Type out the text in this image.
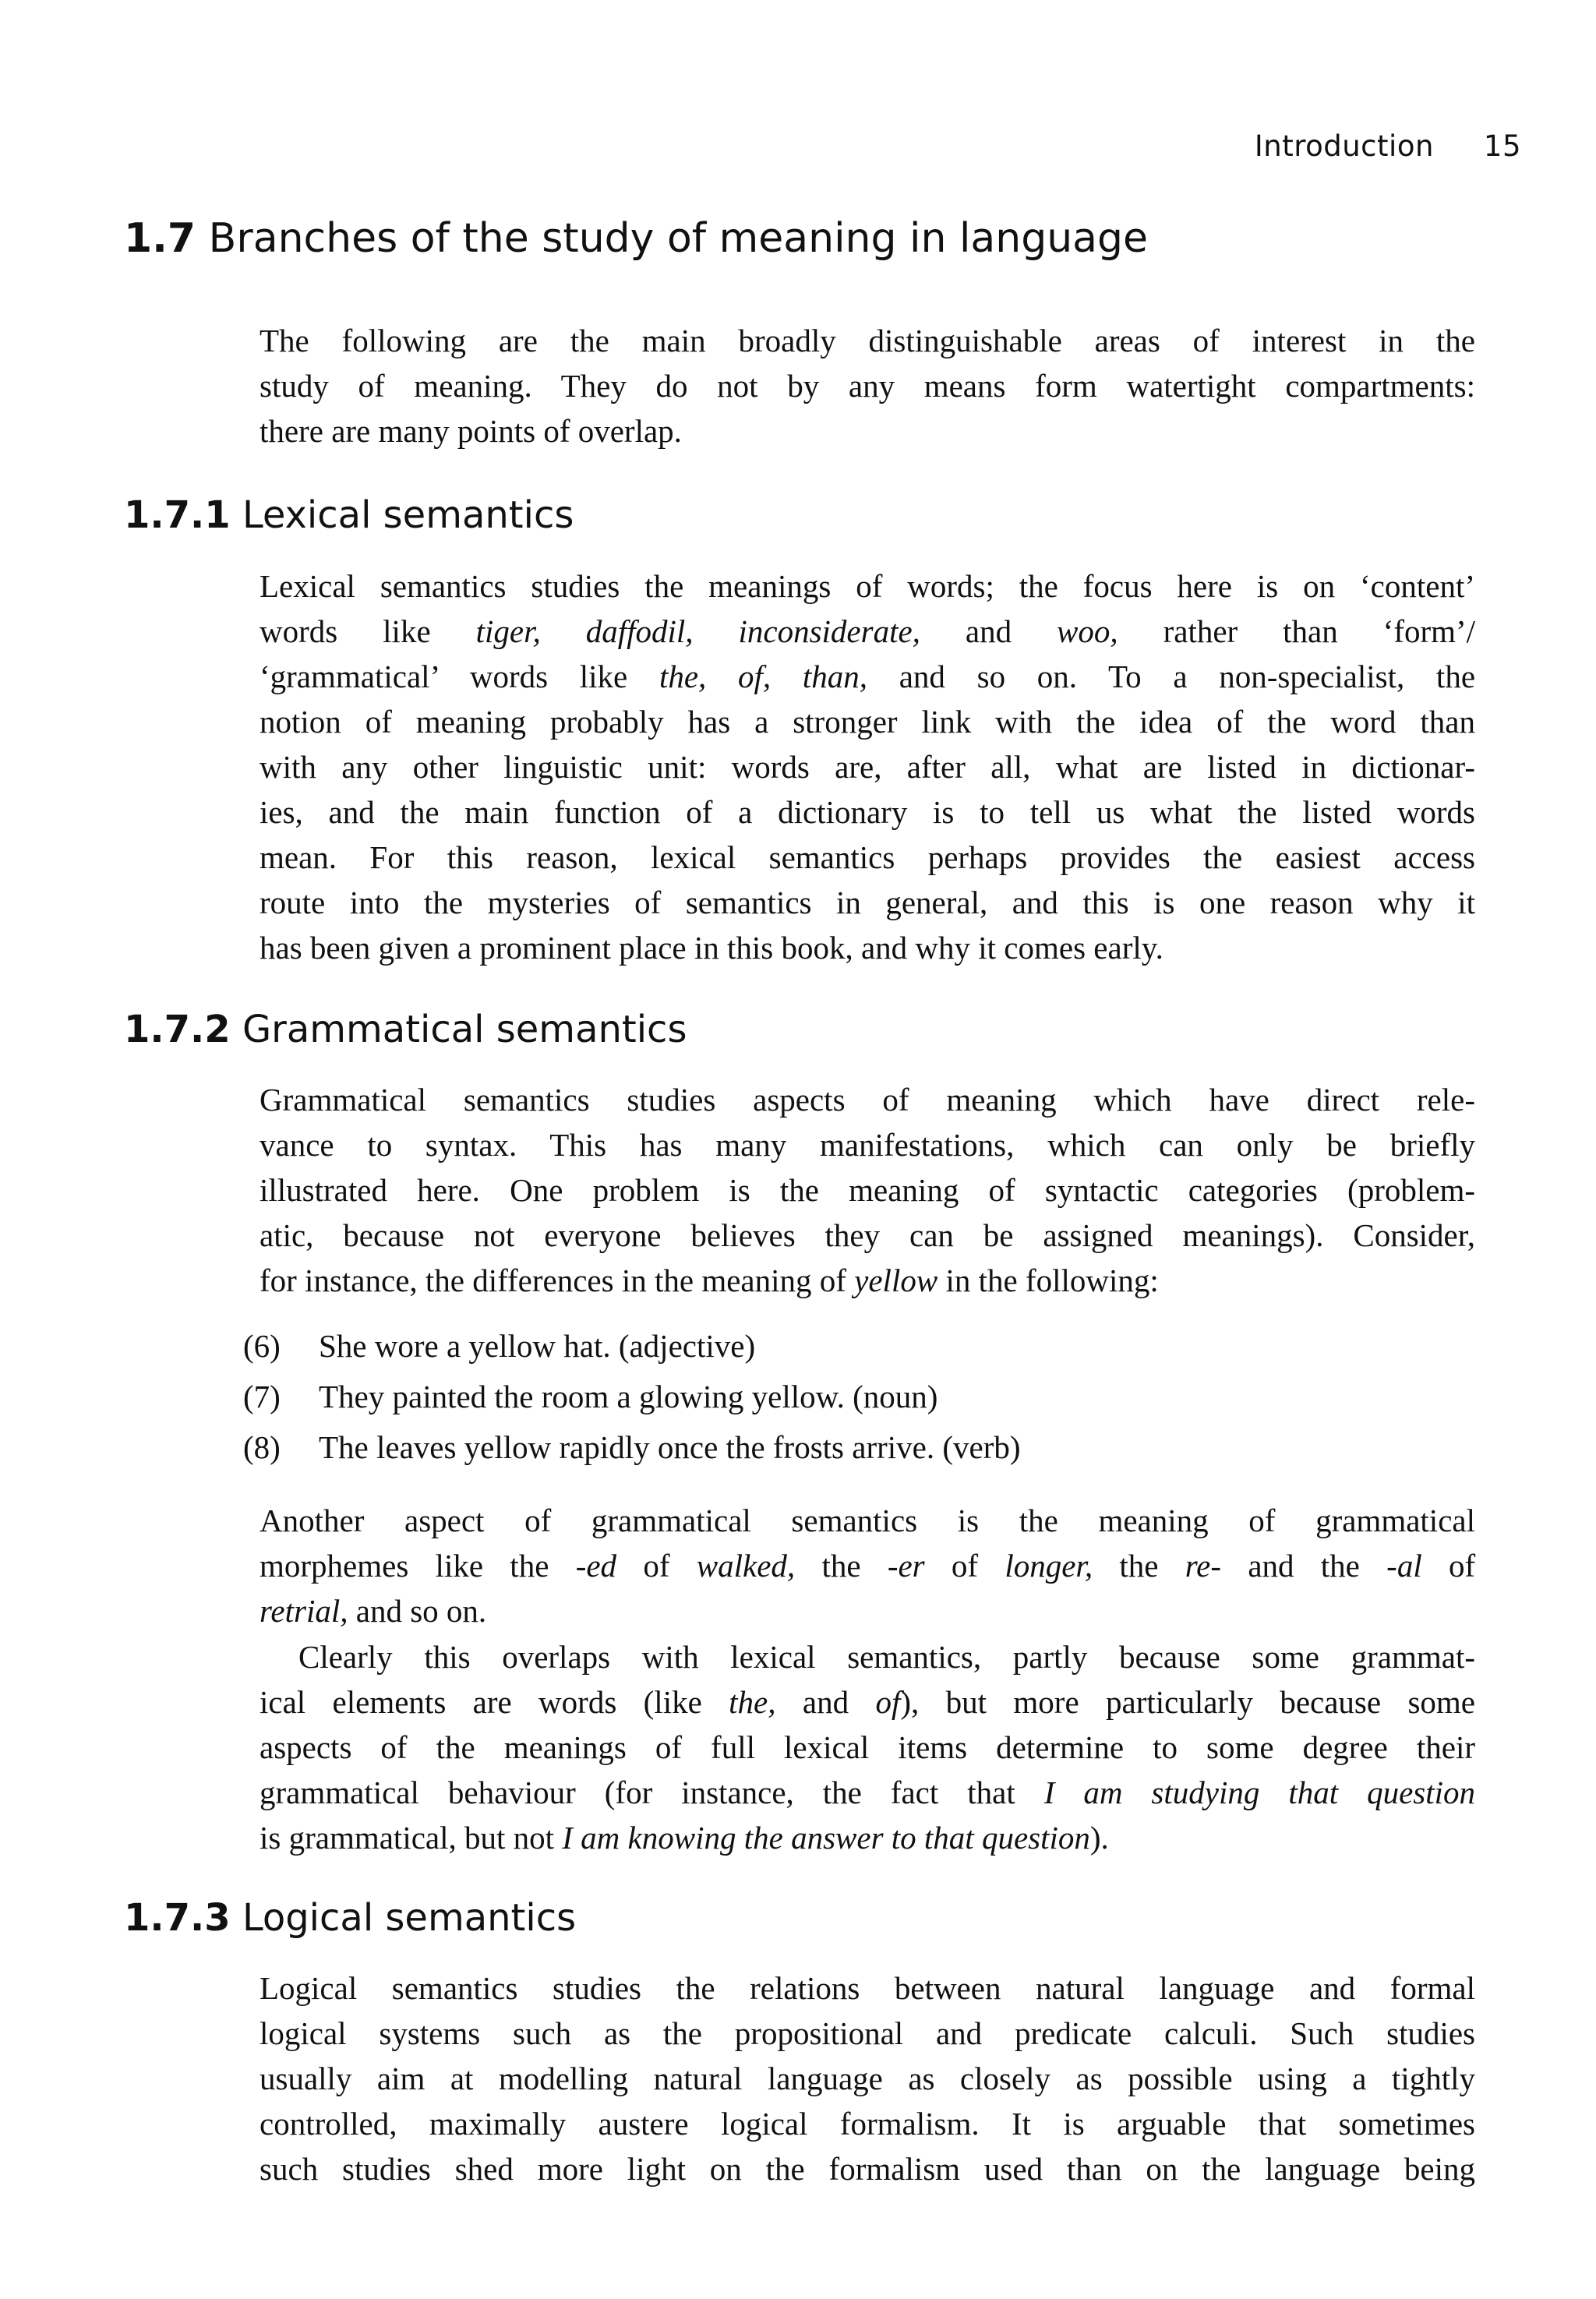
Introduction 15
1.7 Branches of the study of meaning in language
The following are the main broadly distinguishable areas of interest in the
study of meaning. They do not by any means form watertight compartments:
there are many points of overlap.
1.7.1 Lexical semantics
Lexical semantics studies the meanings of words; the focus here is on ‘content’
words like tiger, daffodil, inconsiderate, and woo, rather than ‘form’/
‘grammatical’ words like the, of, than, and so on. To a non-specialist, the
notion of meaning probably has a stronger link with the idea of the word than
with any other linguistic unit: words are, after all, what are listed in dictionar-
ies, and the main function of a dictionary is to tell us what the listed words
mean. For this reason, lexical semantics perhaps provides the easiest access
route into the mysteries of semantics in general, and this is one reason why it
has been given a prominent place in this book, and why it comes early.
1.7.2 Grammatical semantics
Grammatical semantics studies aspects of meaning which have direct rele-
vance to syntax. This has many manifestations, which can only be briefly
illustrated here. One problem is the meaning of syntactic categories (problem-
atic, because not everyone believes they can be assigned meanings). Consider,
for instance, the differences in the meaning of yellow in the following:
(6) She wore a yellow hat. (adjective)
(7) They painted the room a glowing yellow. (noun)
(8) The leaves yellow rapidly once the frosts arrive. (verb)
Another aspect of grammatical semantics is the meaning of grammatical
morphemes like the -ed of walked, the -er of longer, the re- and the -al of
retrial, and so on.
Clearly this overlaps with lexical semantics, partly because some grammat-
ical elements are words (like the, and of), but more particularly because some
aspects of the meanings of full lexical items determine to some degree their
grammatical behaviour (for instance, the fact that I am studying that question
is grammatical, but not I am knowing the answer to that question).
1.7.3 Logical semantics
Logical semantics studies the relations between natural language and formal
logical systems such as the propositional and predicate calculi. Such studies
usually aim at modelling natural language as closely as possible using a tightly
controlled, maximally austere logical formalism. It is arguable that sometimes
such studies shed more light on the formalism used than on the language being
